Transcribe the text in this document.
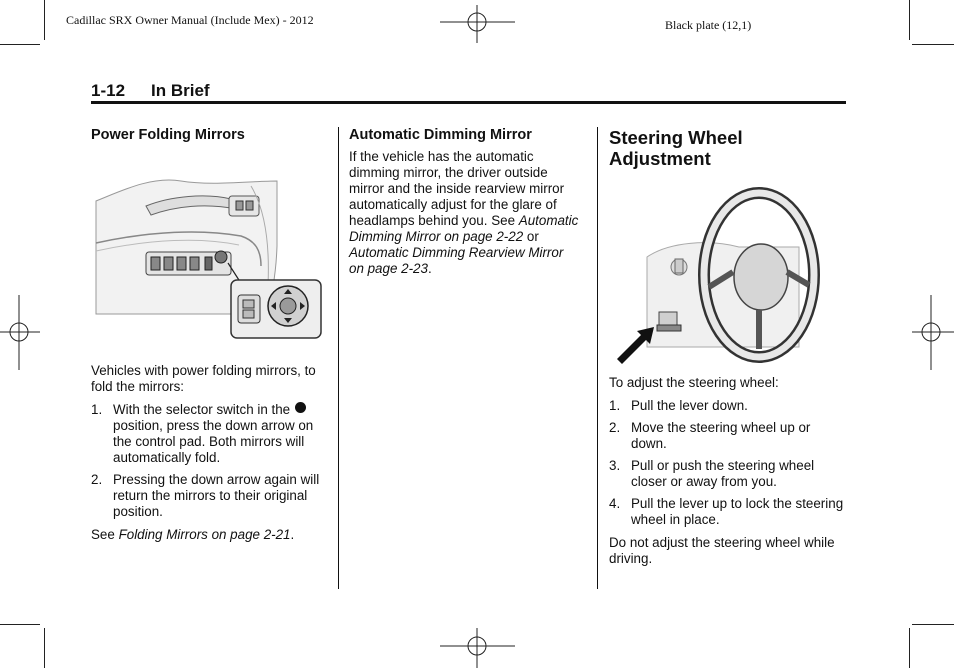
Cadillac SRX Owner Manual (Include Mex) - 2012	Black plate (12,1)
1-12 In Brief
Power Folding Mirrors

Vehicles with power folding mirrors, to fold the mirrors:

1. With the selector switch in the  position, press the down arrow on the control pad. Both mirrors will automatically fold.
2. Pressing the down arrow again will return the mirrors to their original position.

See Folding Mirrors on page 2-21.

Automatic Dimming Mirror

If the vehicle has the automatic dimming mirror, the driver outside mirror and the inside rearview mirror automatically adjust for the glare of headlamps behind you. See Automatic Dimming Mirror on page 2-22 or Automatic Dimming Rearview Mirror on page 2-23.

Steering Wheel Adjustment

To adjust the steering wheel:

1. Pull the lever down.
2. Move the steering wheel up or down.
3. Pull or push the steering wheel closer or away from you.
4. Pull the lever up to lock the steering wheel in place.

Do not adjust the steering wheel while driving.
